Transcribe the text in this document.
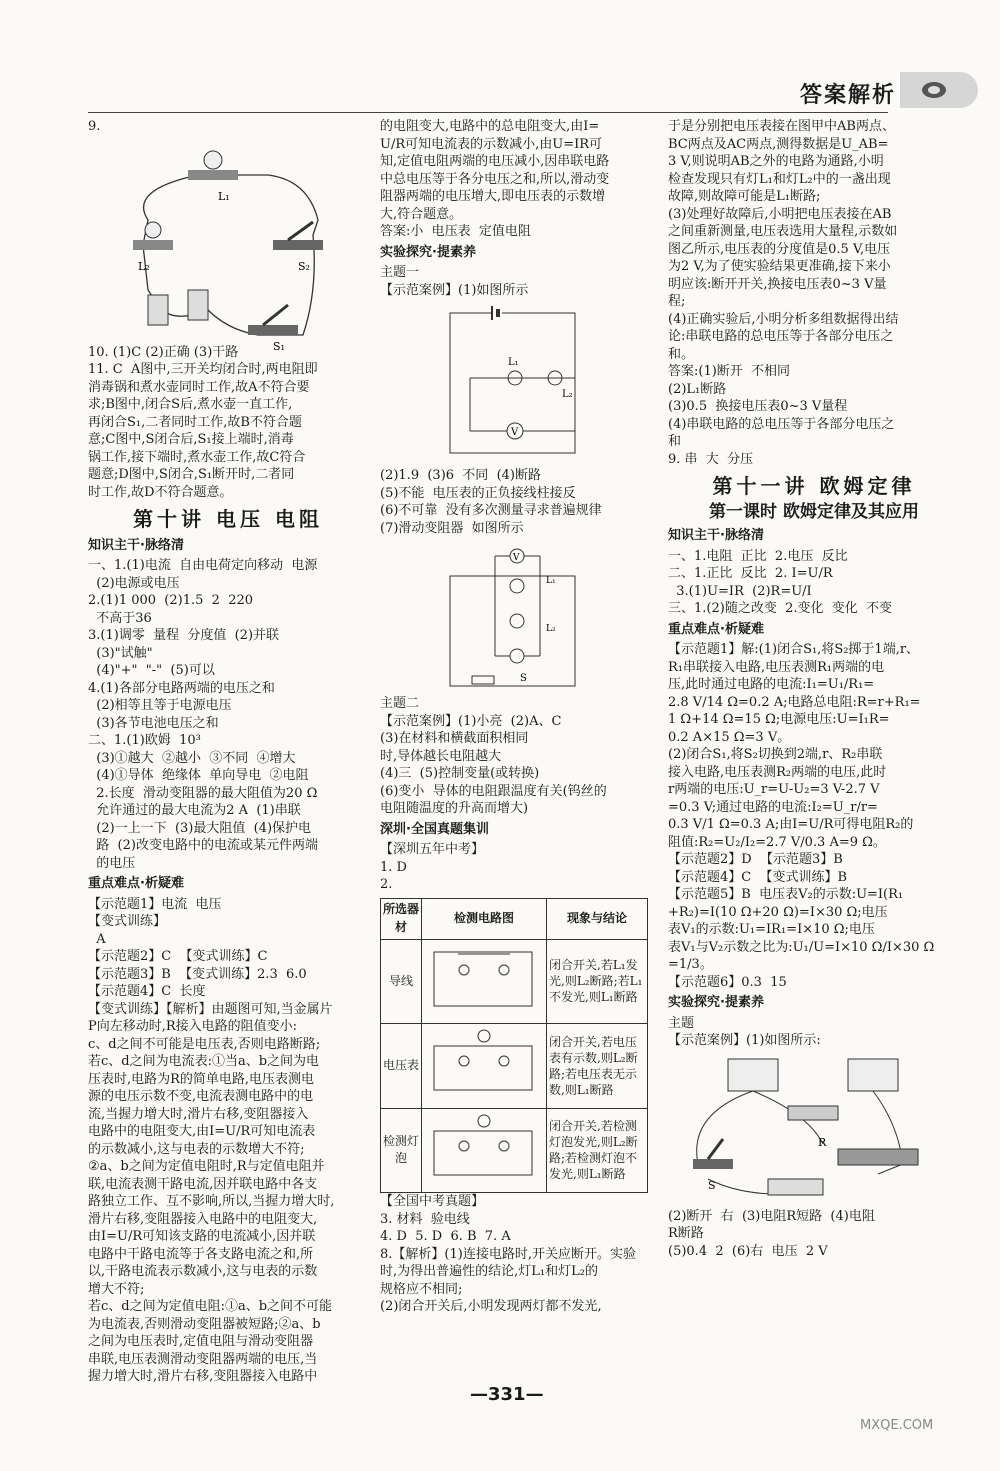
答案解析
9.
L₁
L₂	S₂
S₁
10. (1)C (2)正确 (3)干路
11. C  A图中,三开关均闭合时,两电阻即
消毒锅和煮水壶同时工作,故A不符合要
求;B图中,闭合S后,煮水壶一直工作,
再闭合S₁,二者同时工作,故B不符合题
意;C图中,S闭合后,S₁接上端时,消毒
锅工作,接下端时,煮水壶工作,故C符合
题意;D图中,S闭合,S₁断开时,二者同
时工作,故D不符合题意。
第十讲 电压 电阻
知识主干·脉络清
一、1.(1)电流  自由电荷定向移动  电源
(2)电源或电压
2.(1)1 000  (2)1.5  2  220
不高于36
3.(1)调零  量程  分度值  (2)并联
(3)"试触"
(4)"+"  "-"  (5)可以
4.(1)各部分电路两端的电压之和
(2)相等且等于电源电压
(3)各节电池电压之和
二、1.(1)欧姆  10³
(3)①越大  ②越小  ③不同  ④增大
(4)①导体  绝缘体  单向导电  ②电阻
2.长度  滑动变阻器的最大阻值为20 Ω
允许通过的最大电流为2 A  (1)串联
(2)一上一下  (3)最大阻值  (4)保护电
路  (2)改变电路中的电流或某元件两端
的电压
重点难点·析疑难
【示范题1】电流  电压
【变式训练】
A
【示范题2】C  【变式训练】C
【示范题3】B  【变式训练】2.3  6.0
【示范题4】C  长度
【变式训练】【解析】由题图可知,当金属片
P向左移动时,R接入电路的阻值变小:
c、d之间不可能是电压表,否则电路断路;
若c、d之间为电流表:①当a、b之间为电
压表时,电路为R的简单电路,电压表测电
源的电压示数不变,电流表测电路中的电
流,当握力增大时,滑片右移,变阻器接入
电路中的电阻变大,由I=U/R可知电流表
的示数减小,这与电表的示数增大不符;
②a、b之间为定值电阻时,R与定值电阻并
联,电流表测干路电流,因并联电路中各支
路独立工作、互不影响,所以,当握力增大时,
滑片右移,变阻器接入电路中的电阻变大,
由I=U/R可知该支路的电流减小,因并联
电路中干路电流等于各支路电流之和,所
以,干路电流表示数减小,这与电表的示数
增大不符;
若c、d之间为定值电阻:①a、b之间不可能
为电流表,否则滑动变阻器被短路;②a、b
之间为电压表时,定值电阻与滑动变阻器
串联,电压表测滑动变阻器两端的电压,当
握力增大时,滑片右移,变阻器接入电路中
的电阻变大,电路中的总电阻变大,由I=
U/R可知电流表的示数减小,由U=IR可
知,定值电阻两端的电压减小,因串联电路
中总电压等于各分电压之和,所以,滑动变
阻器两端的电压增大,即电压表的示数增
大,符合题意。
答案:小  电压表  定值电阻
实验探究·提素养
主题一
【示范案例】(1)如图所示
V
L₁
L₂
(2)1.9  (3)6  不同  (4)断路
(5)不能  电压表的正负接线柱接反
(6)不可靠  没有多次测量寻求普遍规律
(7)滑动变阻器  如图所示
V
L₁
L₂
S
主题二
【示范案例】(1)小亮  (2)A、C
(3)在材料和横截面积相同
时,导体越长电阻越大
(4)三  (5)控制变量(或转换)
(6)变小  导体的电阻跟温度有关(钨丝的
电阻随温度的升高而增大)
深圳·全国真题集训
【深圳五年中考】
1. D
2.
所选器材	检测电路图	现象与结论
导线		闭合开关,若L₁发光,则L₂断路;若L₁不发光,则L₁断路
电压表		闭合开关,若电压表有示数,则L₂断路;若电压表无示数,则L₁断路
检测灯泡		闭合开关,若检测灯泡发光,则L₂断路;若检测灯泡不发光,则L₁断路
【全国中考真题】
3. 材料  验电线
4. D  5. D  6. B  7. A
8.【解析】(1)连接电路时,开关应断开。实验
时,为得出普遍性的结论,灯L₁和灯L₂的
规格应不相同;
(2)闭合开关后,小明发现两灯都不发光,
于是分别把电压表接在图甲中AB两点、
BC两点及AC两点,测得数据是U_AB=
3 V,则说明AB之外的电路为通路,小明
检查发现只有灯L₁和灯L₂中的一盏出现
故障,则故障可能是L₁断路;
(3)处理好故障后,小明把电压表接在AB
之间重新测量,电压表选用大量程,示数如
图乙所示,电压表的分度值是0.5 V,电压
为2 V,为了使实验结果更准确,接下来小
明应该:断开开关,换接电压表0~3 V量
程;
(4)正确实验后,小明分析多组数据得出结
论:串联电路的总电压等于各部分电压之
和。
答案:(1)断开  不相同
(2)L₁断路
(3)0.5  换接电压表0~3 V量程
(4)串联电路的总电压等于各部分电压之
和
9. 串  大  分压
第十一讲 欧姆定律
第一课时 欧姆定律及其应用
知识主干·脉络清
一、1.电阻  正比  2.电压  反比
二、1.正比  反比  2. I=U/R
3.(1)U=IR  (2)R=U/I
三、1.(2)随之改变  2.变化  变化  不变
重点难点·析疑难
【示范题1】解:(1)闭合S₁,将S₂掷于1端,r、
R₁串联接入电路,电压表测R₁两端的电
压,此时通过电路的电流:I₁=U₁/R₁=
2.8 V/14 Ω=0.2 A;电路总电阻:R=r+R₁=
1 Ω+14 Ω=15 Ω;电源电压:U=I₁R=
0.2 A×15 Ω=3 V。
(2)闭合S₁,将S₂切换到2端,r、R₂串联
接入电路,电压表测R₂两端的电压,此时
r两端的电压:U_r=U-U₂=3 V-2.7 V
=0.3 V;通过电路的电流:I₂=U_r/r=
0.3 V/1 Ω=0.3 A;由I=U/R可得电阻R₂的
阻值:R₂=U₂/I₂=2.7 V/0.3 A=9 Ω。
【示范题2】D  【示范题3】B
【示范题4】C  【变式训练】B
【示范题5】B  电压表V₂的示数:U=I(R₁
+R₂)=I(10 Ω+20 Ω)=I×30 Ω;电压
表V₁的示数:U₁=IR₁=I×10 Ω;电压
表V₁与V₂示数之比为:U₁/U=I×10 Ω/I×30 Ω
=1/3。
【示范题6】0.3  15
实验探究·提素养
主题
【示范案例】(1)如图所示:
R
S
(2)断开  右  (3)电阻R短路  (4)电阻
R断路
(5)0.4  2  (6)右  电压  2 V
—331—
MXQE.COM
